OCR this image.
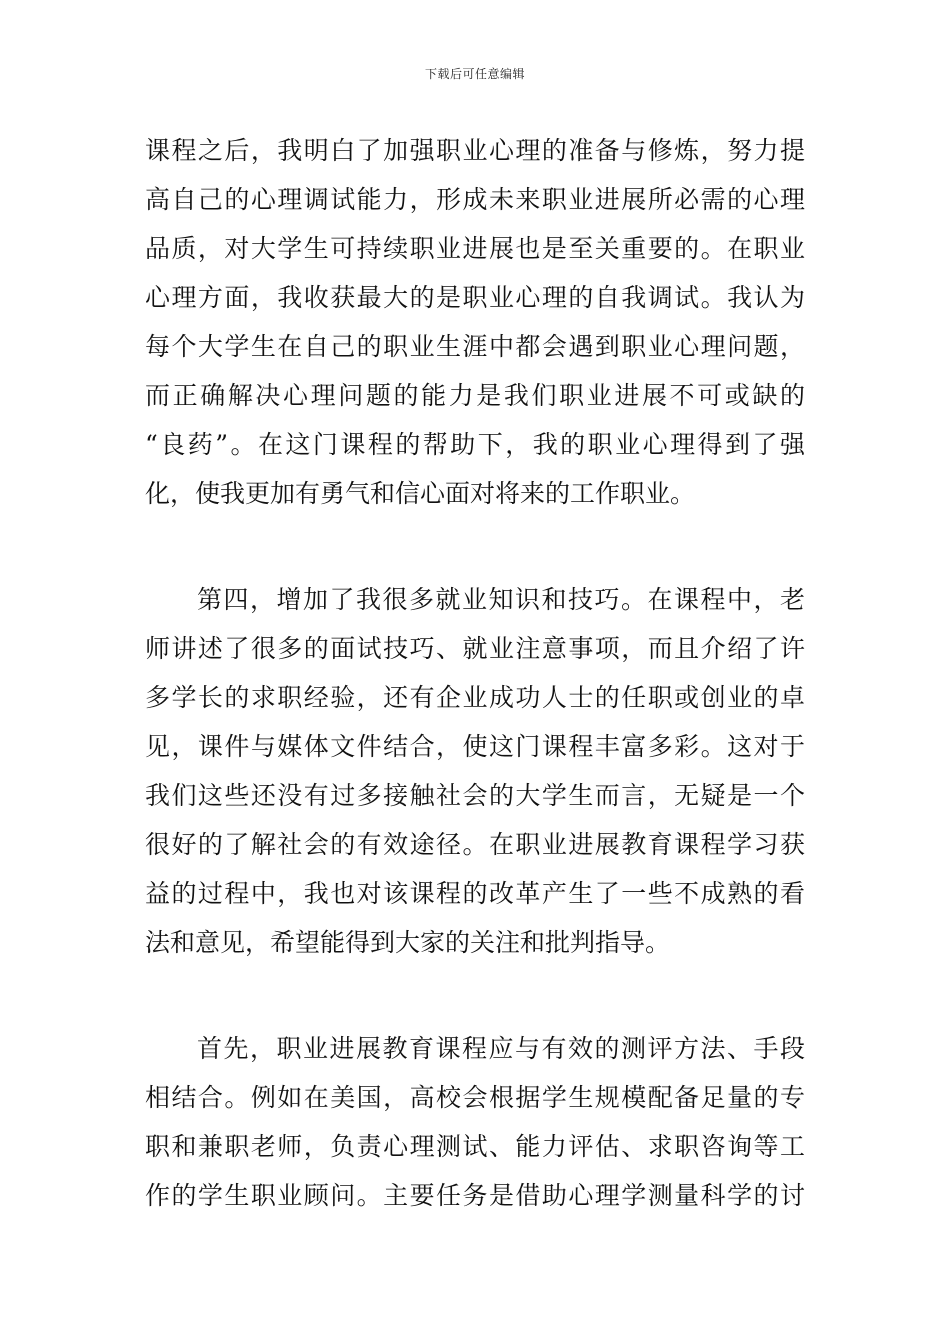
下载后可任意编辑
课程之后，我明白了加强职业心理的准备与修炼，努力提
高自己的心理调试能力，形成未来职业进展所必需的心理
品质，对大学生可持续职业进展也是至关重要的。在职业
心理方面，我收获最大的是职业心理的自我调试。我认为
每个大学生在自己的职业生涯中都会遇到职业心理问题，
而正确解决心理问题的能力是我们职业进展不可或缺的
“良药”。在这门课程的帮助下，我的职业心理得到了强
化，使我更加有勇气和信心面对将来的工作职业。
第四，增加了我很多就业知识和技巧。在课程中，老
师讲述了很多的面试技巧、就业注意事项，而且介绍了许
多学长的求职经验，还有企业成功人士的任职或创业的卓
见，课件与媒体文件结合，使这门课程丰富多彩。这对于
我们这些还没有过多接触社会的大学生而言，无疑是一个
很好的了解社会的有效途径。在职业进展教育课程学习获
益的过程中，我也对该课程的改革产生了一些不成熟的看
法和意见，希望能得到大家的关注和批判指导。
首先，职业进展教育课程应与有效的测评方法、手段
相结合。例如在美国，高校会根据学生规模配备足量的专
职和兼职老师，负责心理测试、能力评估、求职咨询等工
作的学生职业顾问。主要任务是借助心理学测量科学的讨
